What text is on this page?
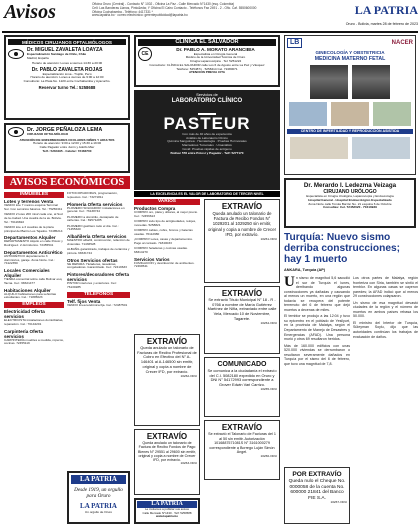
Avisos	Oficina Oruro (Central) - Contacto N° 1002 - Oficina La Paz - Calle Mercado N°1430 (esq. Colombia)
Cell: Las Banderas Llanos, Pinto&edw, Y Oficina El Cairo Contacto - Teléfonos Fax 2491 - 2 - Ofic. Caf. 5550600000
Oficina Cochabamba - Teléfono: 4417331 *
www.lapatria.bo · correo electrónico: gerentepublicidad@lapatria.bo	LA PATRIA
Oruro - Bolivia, martes 28 de febrero de 2023
MÉDICOS CIRUJANOS OFTALMÓLOGOS
Dr. MIGUEL ZAVALETA LOAYZA
Especialización Santiago de Chile, Chile
Madrid, España
Horario de atención: Lunes a viernes 14:30 a 20:00
Dr. PABLO ZAVALETA ROJAS
Especialización Lima - Trujillo, Perú
Horario de atención: Lunes a viernes de 9:00 a 12:00
Consultorio: La Plata No. 1220 entre Cochabamba y Ayacucho.
Reservar turno Tel.: 5258688
CLÍNICA EL SALVADOR
CE
Dr. PABLO A. MORATO ARANCIBIA
Especialista en Cirugía General
Médico de la Universidad Técnica de Oruro
Cirugía Laparoscópica · Tel: 5251222
Consultorio: CLÍNICA EL SALVADOR calle Los 6 de Agosto entre La Paz y Vásquez
Teléfono: 5254871 · 5258414 Cel. 72480071
ATENCIÓN PREVIA CITA
LB	NACER
GINECOLOGÍA Y OBSTETRICIA
MEDICINA MATERNO FETAL
CENTRO DE INFERTILIDAD Y REPRODUCCIÓN ASISTIDA
Dr. JORGE PEÑALOZA LEMA
CIRUJANO OFTALMÓLOGO
ATENCIÓN DE ENFERMEDADES OCULARES NIÑOS Y ADULTOS
Horario de atención: 9:00 a 12:00 y 15:30 a 19:00
Calle Pagador entre Junín y Adolfo Mier
Telf.: 5284495 - Celular: 72483700
Servicios de
LABORATORIO CLÍNICO
PASTEUR
Con más de 40 años de experiencia
Análisis de Laboratorio Clínico
Química Sanguínea · Hematología · Pruebas Hormonales
Marcadores Tumorales · Uroanálisis
Covid: Pruebas rápidas de antígeno
Bolívar 578 entre Potosí y Pagador · Telf: 5277170
LA EXCELENCIA ES EL VALOR DE LABORATORIO DE TERCER NIVEL
Dr. Merardo I. Ledezma Veizaga
CIRUJANO URÓLOGO
Especialista en Cirugía Urológica, Laparoscopia y Endourología
Hospital General · Hospital Endourológico Especializado
Zona Norte calle Tomás Barrón No. 21 esquina 6 de Octubre
Consultas: Cel. 72452020 · 70413939
AVISOS ECONÓMICOS
INMUEBLES
Lotes y terrenos Venta

VENDO lote 7 metros esquina Terminal Sur. Con servicios básicos. Tel.: 75256341

VENDO 2 lotes 200 mts2 cada uno, al Sud de la ciudad. Una cuadra de la av. Bolivia. Tel.: 76116822

VENDO lote a 3 cuadras de la plaza principal del Barrio Los Tejados. 72485214

Departamentos Alquiler

DEPARTAMENTO Alquilo en calle Potosí y Rodríguez. 2 dormitorios. 72455541

Departamentos Anticrético

ANTICRÉTICO departamento 3 dormitorios, garaje. Zona Norte. Cel.: 74122350

Locales Comerciales Alquiler

TIENDA comercial sobre calle Bolívar esq. Tacna. Cel.: 68321477

Habitaciones Alquiler

ALQUILO habitaciones para señoritas estudiantes. Cel.: 71895023

EMPLEOS
Electricidad Oferta servicios

ELECTRICISTA instalaciones domiciliarias, reparación. Cel.: 76142201

Carpintería Oferta servicios

CARPINTERÍA muebles a medida, roperos, cocinas. 72455119

FOTOCOPIADORAS, programación, repuestos. Cel.: 73271811

Plomería Oferta servicios

PLOMERO SOLDADOR: instalaciones en general. Cel.: 76138744

PLOMERO a domicilio, destapado de cañerías. Cel.: 69571285

PLOMERO gasfitero todo el día. Cel.: 71455320

Albañilería Oferta servicios

MAESTRO albañil, construcción, refacción de viviendas. 71436528

ALBAÑIL garantizado, trabajos de cerámica y pintura. 68331744

Otros Servicios ofertas

SE REPARA: Heladeras, lavadoras, congeladoras. Garantizado. Cel.: 72419633

Pintores/decoradores Oferta servicios

PINTOR interiores y exteriores. Cel.: 76130285

TELÉFONOS
Telf. fijos Venta

VENDO línea telefónica fija. Cel.: 72487501

LA PATRIA
Desde 1919, un orgullo para Oruro
LA PATRIA
Un orgullo de Oruro
VARIOS
Productos Compra

COMPRO oro, plata y dólares, al mejor precio. Cel.: 72456613

COMPRO todo tipo de antigüedades, relojes, monedas. 5258821

COMPRO cables, cobre, bronce y baterías usadas. 76112980

¡COMPRO! Lotes, casas y departamentos. Pago al contado. 71840033

COMPRO heladeras y cocinas usadas. 68314270

Servicios Varios

FUMIGACIÓN y desinfección de ambientes. 72499541

EXTRAVÍO
Queda anulado un talonario de Facturas de Recibo Profesional de Cobro en Efectivo del N° A-146401 al A-146500 sin emitir, original y copia a nombre de Crecer IFD, por extravío.
10262-ORU
EXTRAVÍO
Queda anulado un talonario de Factura de Recibo Fondos de Pago Bienes N° 29551 al 29600 sin emitir, original y copia a nombre de Crecer IFD, por extravío.
10263-ORU
LA PATRIA
Le invitamos a publicar sus avisos
Calle Mercado N°1430 · Telf: 5250588
www.lapatria.bo
EXTRAVÍO
Queda anulado un talonario de Factura de Recibo Fondos N° 1029201 al 1029250 sin emitir, original y copia a nombre de Crecer IFD, por extravío.
10261-ORU
EXTRAVÍO
Se extravió Título Municipal N° 18 - R - 0766 a nombre de María Gutiérrez Martínez de Niña, extraviado entre calle Vela, Mercado 10 de Noviembre, Tagarete.
10264-ORU
COMUNICADO
Se comunica a la ciudadanía el extravío del C.I. 5082180 expedido en Oruro y DNI N° 54172993 correspondiente a Grover Edwin Vari Carrizo.
10265-ORU
EXTRAVÍO
Se extravió el Talonario de Facturas del 1 al 50 sin emitir. Autorización 1016887571081S N° 3161000279 correspondiente a Borrego Luján Simón Ángel.
10266-ORU
POR EXTRAVÍO
Queda nulo el Cheque No. 0000058 de la cuenta No. 600000 21841 del Banco FIE S.A.
10267-ORU
Turquía: Nuevo sismo derriba construcciones; hay 1 muerto
ANKARA, Turquía (AP)

Un sismo de magnitud 5,6 sacudió el sur de Turquía el lunes, derribando algunas construcciones ya dañadas y causando al menos un muerto, en una región que todavía se recupera del potente terremoto del 6 de febrero que dejó muertos a decenas de miles.

El temblor se produjo a las 12:04 y tuvo su epicentro en el poblado de Yesilyurt, en la provincia de Malatya, según el Departamento de Manejo de Desastres y Emergencias (AFAD). Una persona murió y otros 69 resultaron heridos.

Más de 160.000 edificios con unas 520.000 viviendas se derrumbaron o resultaron severamente dañados en Turquía por el sismo del 6 de febrero, que tuvo una magnitud de 7,8.

Los otros partes de Malatya, región fronteriza con Siria, también se sintió el temblor. En algunas casas se cayeron paredes; la AFAD indicó que al menos 29 construcciones colapsaron.

Un sismo de esa magnitud devastó ciudades de la región y el número de muertos en ambos países rebasa los 50.000.

El ministro del Interior de Turquía, Süleyman Soylu, dijo que las autoridades continúan los trabajos de evaluación de daños.
